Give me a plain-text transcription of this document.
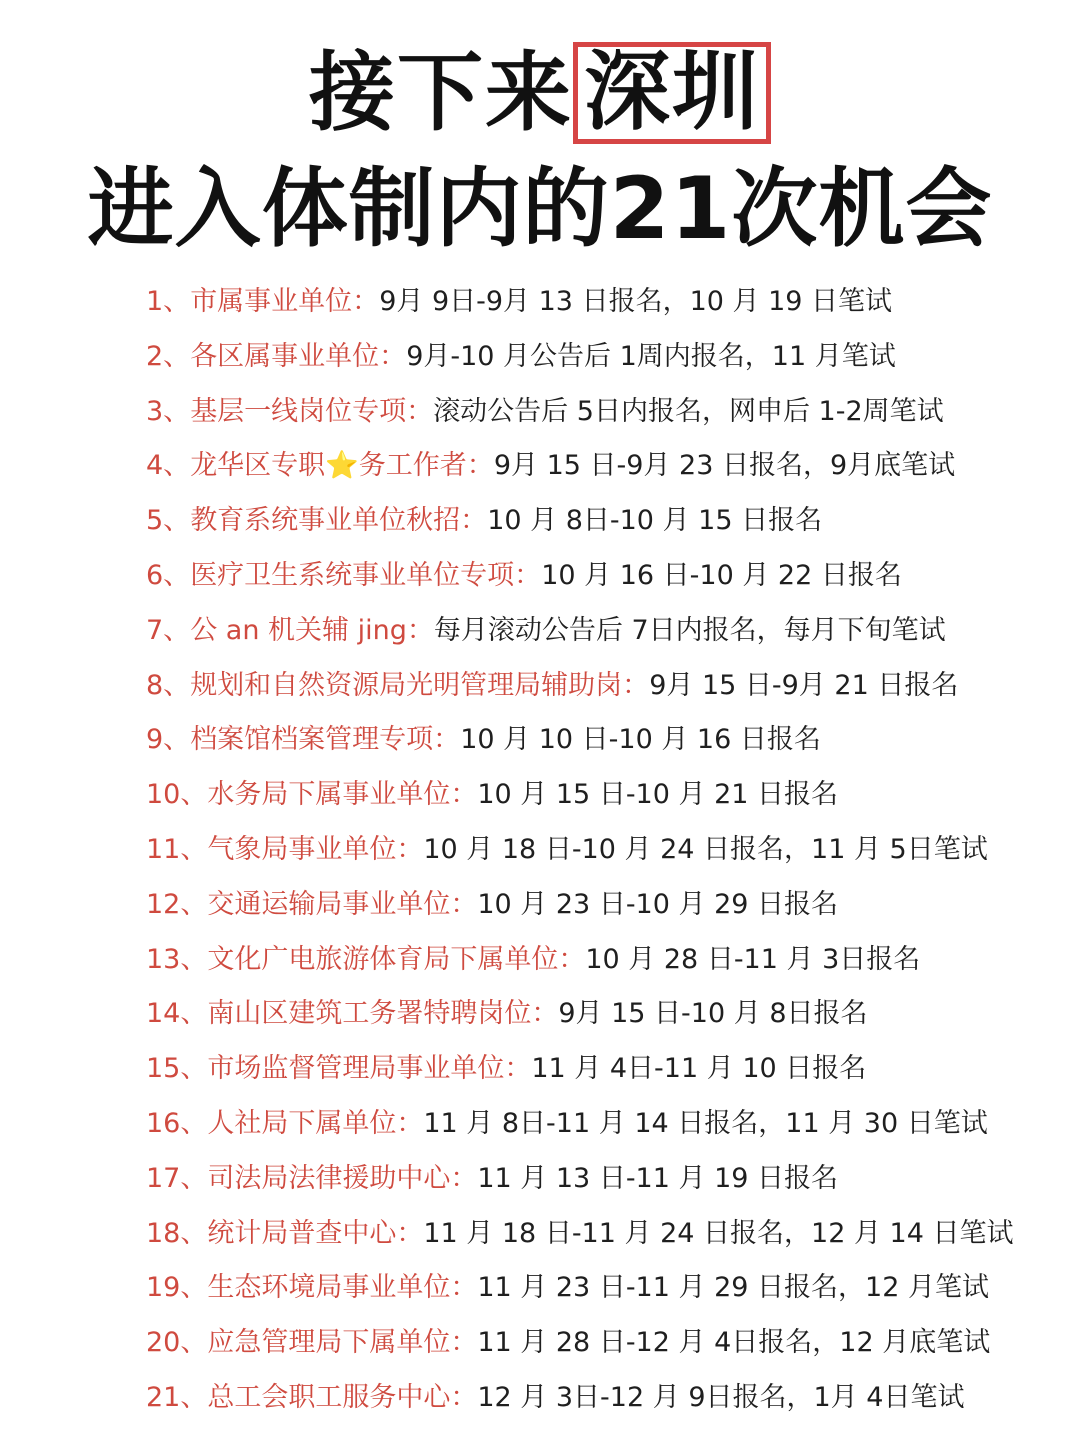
接下来 深圳
进入体制内的21次机会
1、市属事业单位：9月 9日-9月 13 日报名，10 月 19 日笔试
2、各区属事业单位：9月-10 月公告后 1周内报名，11 月笔试
3、基层一线岗位专项：滚动公告后 5日内报名，网申后 1-2周笔试
4、龙华区专职⭐务工作者：9月 15 日-9月 23 日报名，9月底笔试
5、教育系统事业单位秋招：10 月 8日-10 月 15 日报名
6、医疗卫生系统事业单位专项：10 月 16 日-10 月 22 日报名
7、公 an 机关辅 jing：每月滚动公告后 7日内报名，每月下旬笔试
8、规划和自然资源局光明管理局辅助岗：9月 15 日-9月 21 日报名
9、档案馆档案管理专项：10 月 10 日-10 月 16 日报名
10、水务局下属事业单位：10 月 15 日-10 月 21 日报名
11、气象局事业单位：10 月 18 日-10 月 24 日报名，11 月 5日笔试
12、交通运输局事业单位：10 月 23 日-10 月 29 日报名
13、文化广电旅游体育局下属单位：10 月 28 日-11 月 3日报名
14、南山区建筑工务署特聘岗位：9月 15 日-10 月 8日报名
15、市场监督管理局事业单位：11 月 4日-11 月 10 日报名
16、人社局下属单位：11 月 8日-11 月 14 日报名，11 月 30 日笔试
17、司法局法律援助中心：11 月 13 日-11 月 19 日报名
18、统计局普查中心：11 月 18 日-11 月 24 日报名，12 月 14 日笔试
19、生态环境局事业单位：11 月 23 日-11 月 29 日报名，12 月笔试
20、应急管理局下属单位：11 月 28 日-12 月 4日报名，12 月底笔试
21、总工会职工服务中心：12 月 3日-12 月 9日报名，1月 4日笔试
